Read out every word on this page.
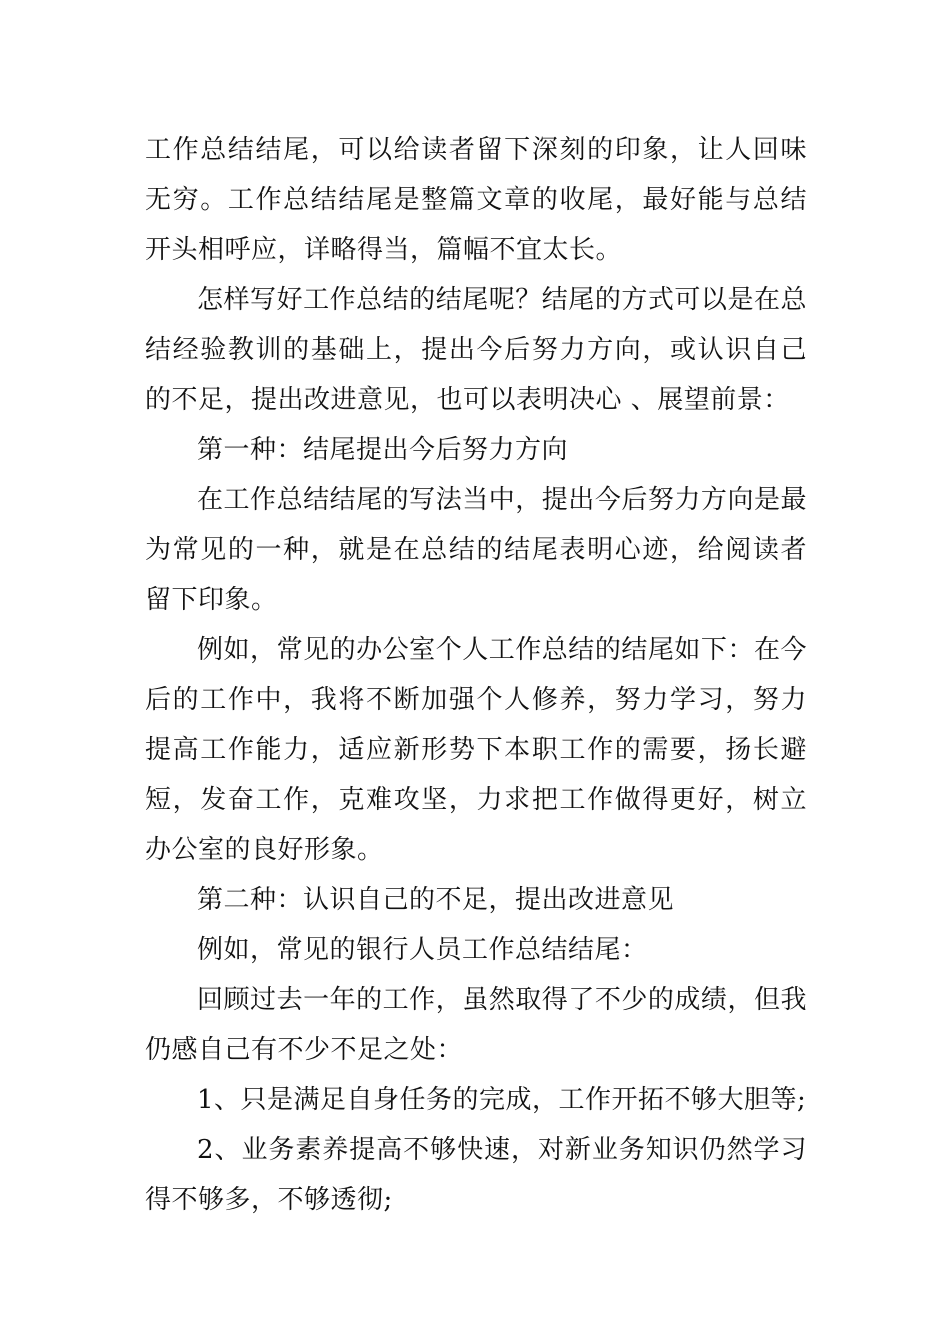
工作总结结尾，可以给读者留下深刻的印象，让人回味无穷。工作总结结尾是整篇文章的收尾，最好能与总结开头相呼应，详略得当，篇幅不宜太长。

怎样写好工作总结的结尾呢？结尾的方式可以是在总结经验教训的基础上，提出今后努力方向，或认识自己的不足，提出改进意见，也可以表明决心 、展望前景：

第一种：结尾提出今后努力方向

在工作总结结尾的写法当中，提出今后努力方向是最为常见的一种，就是在总结的结尾表明心迹，给阅读者留下印象。

例如，常见的办公室个人工作总结的结尾如下：在今后的工作中，我将不断加强个人修养，努力学习，努力提高工作能力，适应新形势下本职工作的需要，扬长避短，发奋工作，克难攻坚，力求把工作做得更好，树立办公室的良好形象。

第二种：认识自己的不足，提出改进意见

例如，常见的银行人员工作总结结尾：

回顾过去一年的工作，虽然取得了不少的成绩，但我仍感自己有不少不足之处：

1、只是满足自身任务的完成，工作开拓不够大胆等;

2、业务素养提高不够快速，对新业务知识仍然学习得不够多，不够透彻;
